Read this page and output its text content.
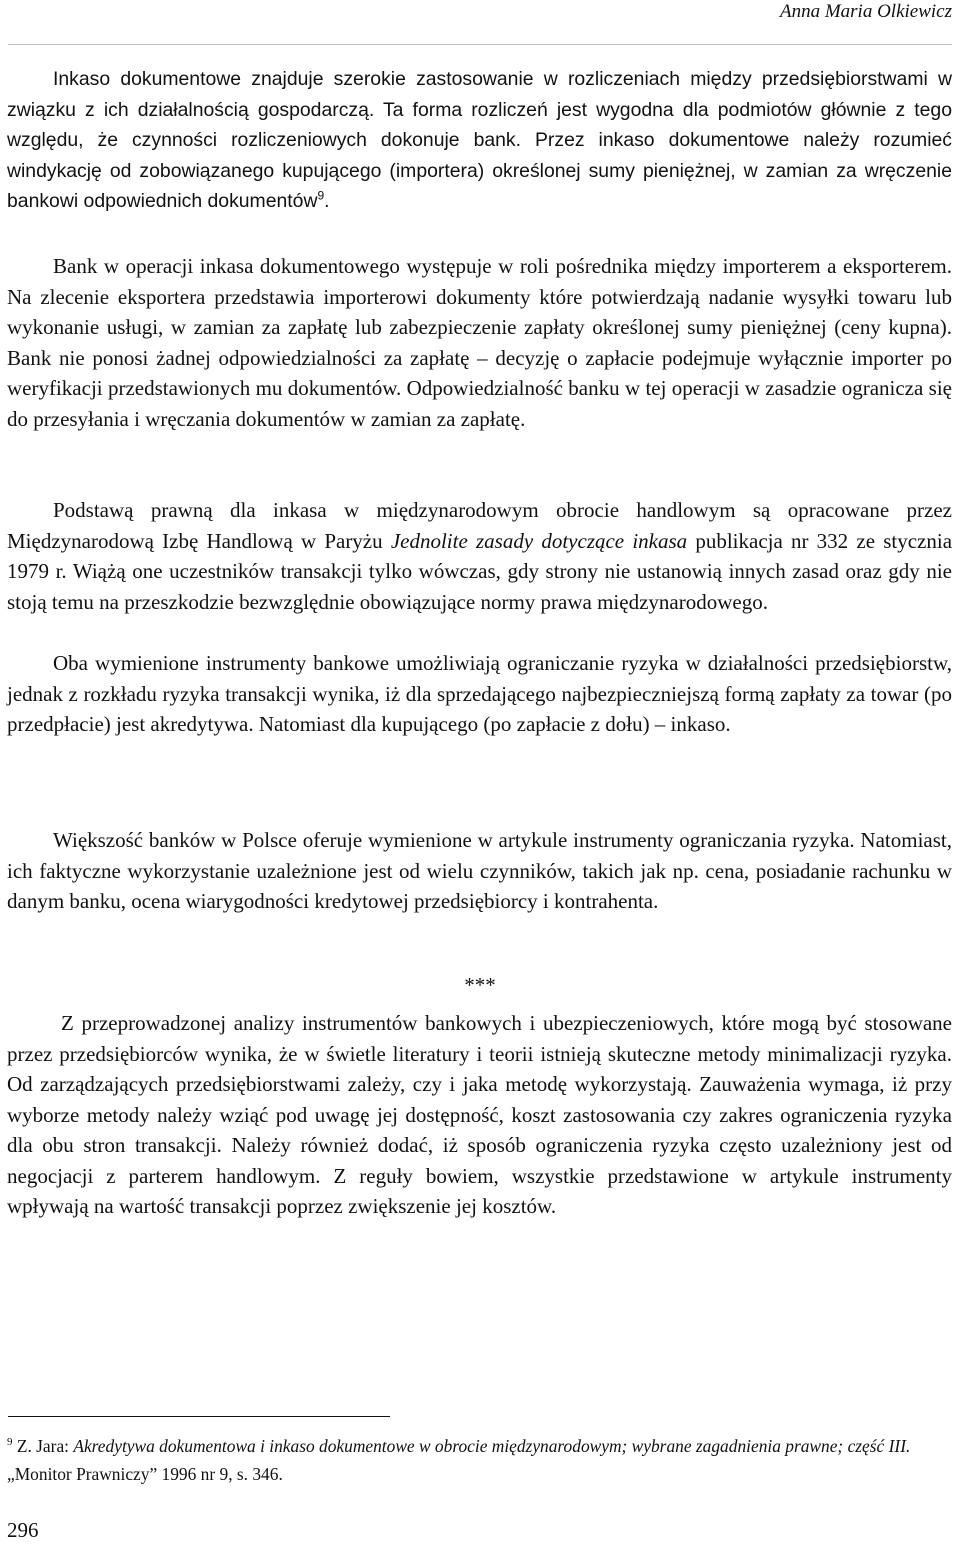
Anna Maria Olkiewicz

Inkaso dokumentowe znajduje szerokie zastosowanie w rozliczeniach między przedsiębiorstwami w związku z ich działalnością gospodarczą. Ta forma rozliczeń jest wygodna dla podmiotów głównie z tego względu, że czynności rozliczeniowych dokonuje bank. Przez inkaso dokumentowe należy rozumieć windykację od zobowiązanego kupującego (importera) określonej sumy pieniężnej, w zamian za wręczenie bankowi odpowiednich dokumentów$^9$.

Bank w operacji inkasa dokumentowego występuje w roli pośrednika między importerem a eksporterem. Na zlecenie eksportera przedstawia importerowi dokumenty które potwierdzają nadanie wysyłki towaru lub wykonanie usługi, w zamian za zapłatę lub zabezpieczenie zapłaty określonej sumy pieniężnej (ceny kupna). Bank nie ponosi żadnej odpowiedzialności za zapłatę – decyzję o zapłacie podejmuje wyłącznie importer po weryfikacji przedstawionych mu dokumentów. Odpowiedzialność banku w tej operacji w zasadzie ogranicza się do przesyłania i wręczania dokumentów w zamian za zapłatę.

Podstawą prawną dla inkasa w międzynarodowym obrocie handlowym są opracowane przez Międzynarodową Izbę Handlową w Paryżu Jednolite zasady dotyczące inkasa publikacja nr 332 ze stycznia 1979 r. Wiążą one uczestników transakcji tylko wówczas, gdy strony nie ustanowią innych zasad oraz gdy nie stoją temu na przeszkodzie bezwzględnie obowiązujące normy prawa międzynarodowego.

Oba wymienione instrumenty bankowe umożliwiają ograniczanie ryzyka w działalności przedsiębiorstw, jednak z rozkładu ryzyka transakcji wynika, iż dla sprzedającego najbezpieczniejszą formą zapłaty za towar (po przedpłacie) jest akredytywa. Natomiast dla kupującego (po zapłacie z dołu) – inkaso.

Większość banków w Polsce oferuje wymienione w artykule instrumenty ograniczania ryzyka. Natomiast, ich faktyczne wykorzystanie uzależnione jest od wielu czynników, takich jak np. cena, posiadanie rachunku w danym banku, ocena wiarygodności kredytowej przedsiębiorcy i kontrahenta.

***

Z przeprowadzonej analizy instrumentów bankowych i ubezpieczeniowych, które mogą być stosowane przez przedsiębiorców wynika, że w świetle literatury i teorii istnieją skuteczne metody minimalizacji ryzyka. Od zarządzających przedsiębiorstwami zależy, czy i jaka metodę wykorzystają. Zauważenia wymaga, iż przy wyborze metody należy wziąć pod uwagę jej dostępność, koszt zastosowania czy zakres ograniczenia ryzyka dla obu stron transakcji. Należy również dodać, iż sposób ograniczenia ryzyka często uzależniony jest od negocjacji z parterem handlowym. Z reguły bowiem, wszystkie przedstawione w artykule instrumenty wpływają na wartość transakcji poprzez zwiększenie jej kosztów.

$^9$ Z. Jara: Akredytywa dokumentowa i inkaso dokumentowe w obrocie międzynarodowym; wybrane zagadnienia prawne; część III. „Monitor Prawniczy” 1996 nr 9, s. 346.

296
